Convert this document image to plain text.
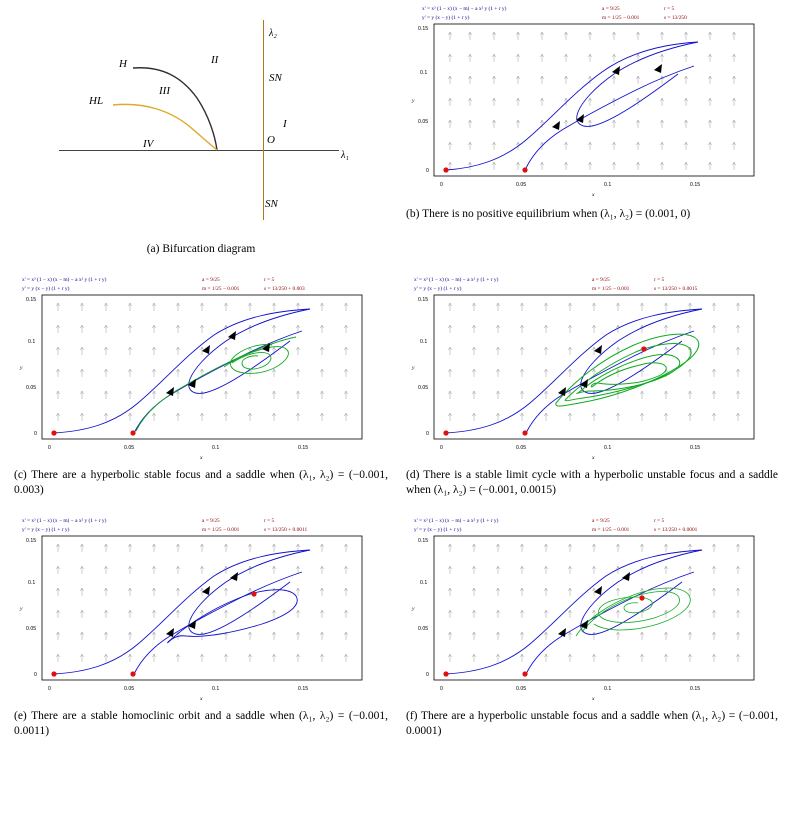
H
HL
II
III
IV
I
SN
SN
O
λ₂
λ₁
(a) Bifurcation diagram
x' = x² (1 − x) (x − m) − a x² y (1 + r y)
y' = y (x − y) (1 + r y)
a = 9/25	r = 5
m = 1/25 − 0.001	s = 13/250
0	0.05	0.1	0.15
0
0.05
0.1
0.15
x
y
(b) There is no positive equilibrium when (λ₁, λ₂) = (0.001, 0)
x' = x² (1 − x) (x − m) − a x² y (1 + r y)
y' = y (x − y) (1 + r y)
a = 9/25	r = 5
m = 1/25 − 0.001	s = 13/250 + 0.003
0	0.05	0.1	0.15
0
0.05
0.1
0.15
x
y
(c) There are a hyperbolic stable focus and a saddle when (λ₁, λ₂) = (−0.001, 0.003)
x' = x² (1 − x) (x − m) − a x² y (1 + r y)
y' = y (x − y) (1 + r y)
a = 9/25	r = 5
m = 1/25 − 0.001	s = 13/250 + 0.0015
0	0.05	0.1	0.15
0
0.05
0.1
0.15
x
y
(d) There is a stable limit cycle with a hyperbolic unstable focus and a saddle when (λ₁, λ₂) = (−0.001, 0.0015)
x' = x² (1 − x) (x − m) − a x² y (1 + r y)
y' = y (x − y) (1 + r y)
a = 9/25	r = 5
m = 1/25 − 0.001	s = 13/250 + 0.0011
0	0.05	0.1	0.15
0
0.05
0.1
0.15
x
y
(e) There are a stable homoclinic orbit and a saddle when (λ₁, λ₂) = (−0.001, 0.0011)
x' = x² (1 − x) (x − m) − a x² y (1 + r y)
y' = y (x − y) (1 + r y)
a = 9/25	r = 5
m = 1/25 − 0.001	s = 13/250 + 0.0001
0	0.05	0.1	0.15
0
0.05
0.1
0.15
x
y
(f) There are a hyperbolic unstable focus and a saddle when (λ₁, λ₂) = (−0.001, 0.0001)
